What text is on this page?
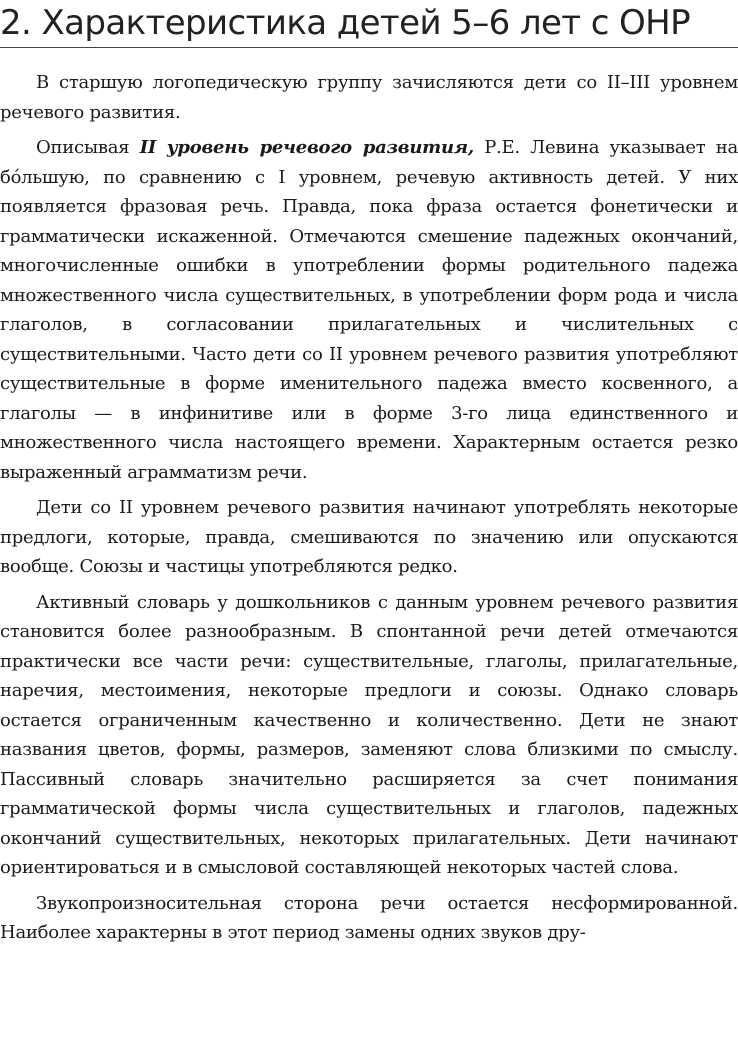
2. Характеристика детей 5–6 лет с ОНР

В старшую логопедическую группу зачисляются дети со II–III уровнем речевого развития.

Описывая II уровень речевого развития, Р.Е. Левина указывает на бóльшую, по сравнению с I уровнем, речевую активность детей. У них появляется фразовая речь. Правда, пока фраза остается фонетически и грамматически искаженной. Отмечаются смешение падежных окончаний, многочисленные ошибки в употреблении формы родительного падежа множественного числа существительных, в употреблении форм рода и числа глаголов, в согласовании прилагательных и числительных с существительными. Часто дети со II уровнем речевого развития употребляют существительные в форме именительного падежа вместо косвенного, а глаголы — в инфинитиве или в форме 3-го лица единственного и множественного числа настоящего времени. Характерным остается резко выраженный аграмматизм речи.

Дети со II уровнем речевого развития начинают употреблять некоторые предлоги, которые, правда, смешиваются по значению или опускаются вообще. Союзы и частицы употребляются редко.

Активный словарь у дошкольников с данным уровнем речевого развития становится более разнообразным. В спонтанной речи детей отмечаются практически все части речи: существительные, глаголы, прилагательные, наречия, местоимения, некоторые предлоги и союзы. Однако словарь остается ограниченным качественно и количественно. Дети не знают названия цветов, формы, размеров, заменяют слова близкими по смыслу. Пассивный словарь значительно расширяется за счет понимания грамматической формы числа существительных и глаголов, падежных окончаний существительных, некоторых прилагательных. Дети начинают ориентироваться и в смысловой составляющей некоторых частей слова.

Звукопроизносительная сторона речи остается несформированной. Наиболее характерны в этот период замены одних звуков дру-
